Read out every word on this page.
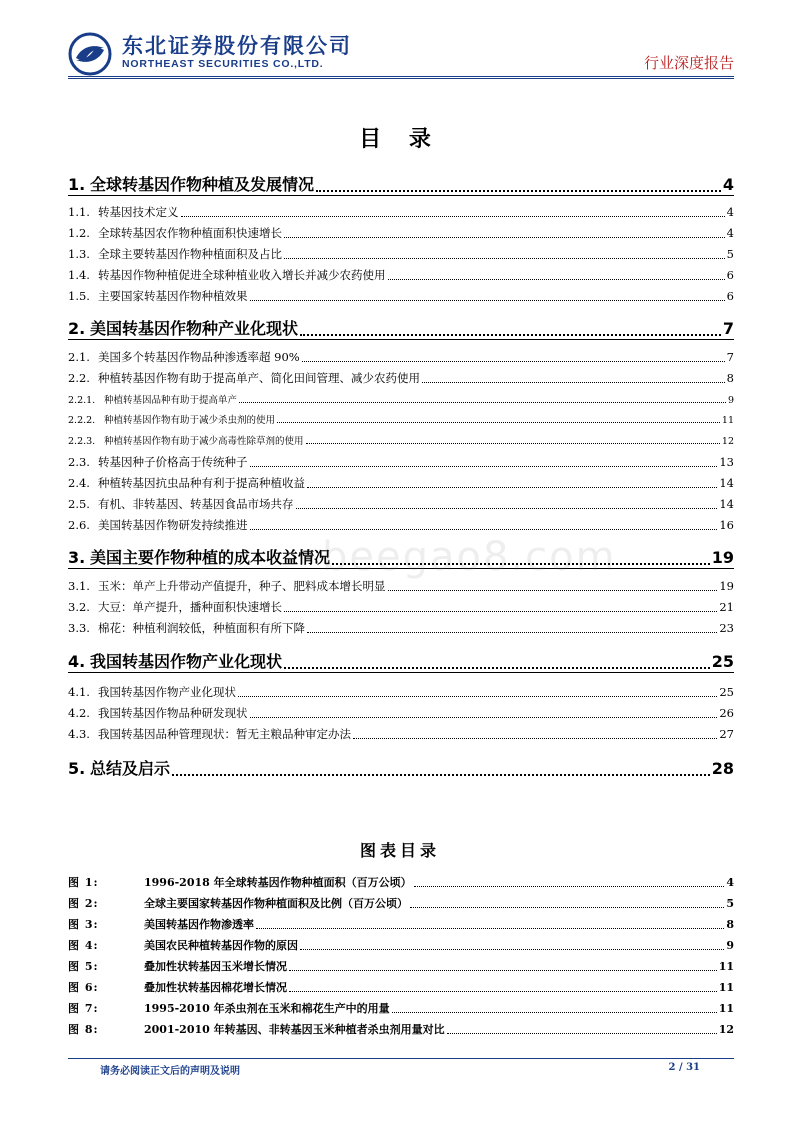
东北证券股份有限公司
NORTHEAST SECURITIES CO.,LTD.	行业深度报告
目 录
1. 全球转基因作物种植及发展情况	4
1.1. 转基因技术定义	4
1.2. 全球转基因农作物种植面积快速增长	4
1.3. 全球主要转基因作物种植面积及占比	5
1.4. 转基因作物种植促进全球种植业收入增长并减少农药使用	6
1.5. 主要国家转基因作物种植效果	6
2. 美国转基因作物种产业化现状	7
2.1. 美国多个转基因作物品种渗透率超 90%	7
2.2. 种植转基因作物有助于提高单产、简化田间管理、减少农药使用	8
2.2.1. 种植转基因品种有助于提高单产	9
2.2.2. 种植转基因作物有助于减少杀虫剂的使用	11
2.2.3. 种植转基因作物有助于减少高毒性除草剂的使用	12
2.3. 转基因种子价格高于传统种子	13
2.4. 种植转基因抗虫品种有利于提高种植收益	14
2.5. 有机、非转基因、转基因食品市场共存	14
2.6. 美国转基因作物研发持续推进	16
3. 美国主要作物种植的成本收益情况	19
3.1. 玉米：单产上升带动产值提升，种子、肥料成本增长明显	19
3.2. 大豆：单产提升，播种面积快速增长	21
3.3. 棉花：种植利润较低，种植面积有所下降	23
4. 我国转基因作物产业化现状	25
4.1. 我国转基因作物产业化现状	25
4.2. 我国转基因作物品种研发现状	26
4.3. 我国转基因品种管理现状：暂无主粮品种审定办法	27
5. 总结及启示	28
图表目录
图 1:	1996-2018 年全球转基因作物种植面积（百万公顷）	4
图 2:	全球主要国家转基因作物种植面积及比例（百万公顷）	5
图 3:	美国转基因作物渗透率	8
图 4:	美国农民种植转基因作物的原因	9
图 5:	叠加性状转基因玉米增长情况	11
图 6:	叠加性状转基因棉花增长情况	11
图 7:	1995-2010 年杀虫剂在玉米和棉花生产中的用量	11
图 8:	2001-2010 年转基因、非转基因玉米种植者杀虫剂用量对比	12
beegao8.com
请务必阅读正文后的声明及说明	2 / 31
